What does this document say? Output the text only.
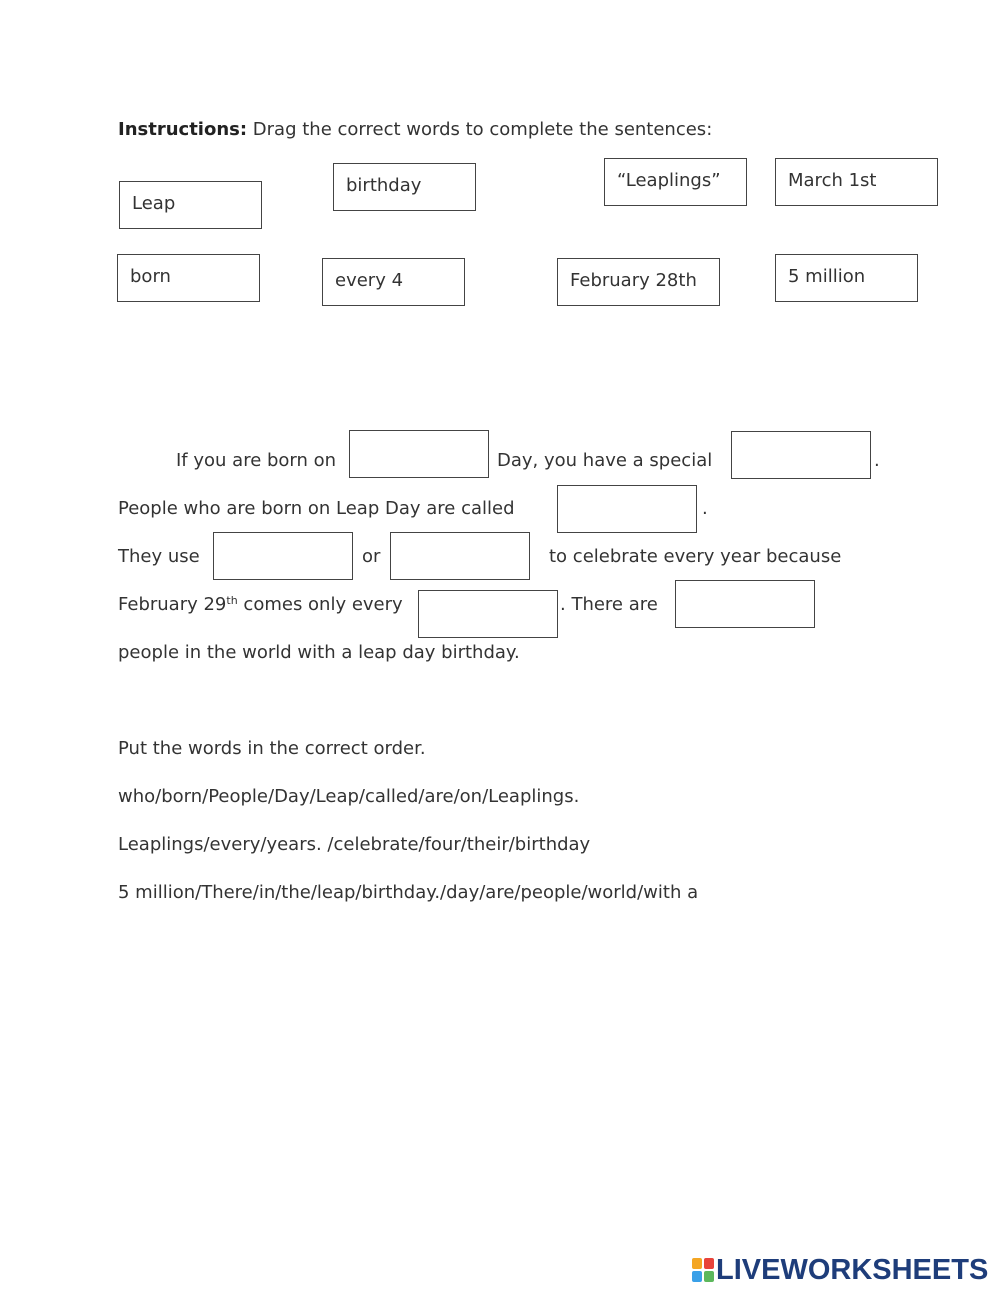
Instructions: Drag the correct words to complete the sentences:
Leap
birthday	“Leaplings”	March 1st
born	every 4	February 28th	5 million
If you are born on	Day, you have a special	.
People who are born on Leap Day are called	.
They use	or	to celebrate every year because
February 29th comes only every	. There are
people in the world with a leap day birthday.
Put the words in the correct order.
who/born/People/Day/Leap/called/are/on/Leaplings.
Leaplings/every/years. /celebrate/four/their/birthday
5 million/There/in/the/leap/birthday./day/are/people/world/with a
LIVEWORKSHEETS
